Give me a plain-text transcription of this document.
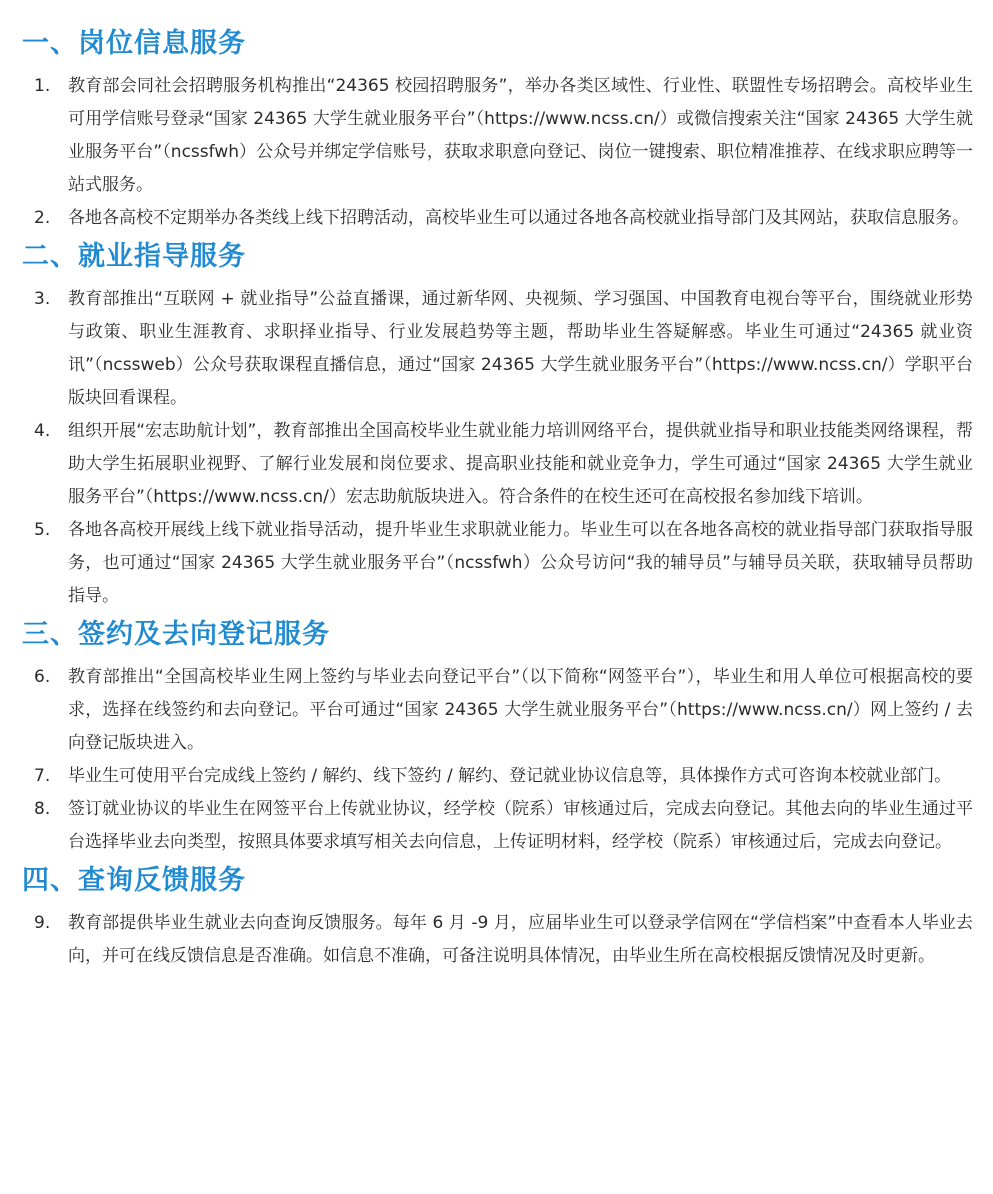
一、岗位信息服务
1.	教育部会同社会招聘服务机构推出“24365 校园招聘服务”，举办各类区域性、行业性、联盟性专场招聘会。高校毕业生可用学信账号登录“国家 24365 大学生就业服务平台”（https://www.ncss.cn/）或微信搜索关注“国家 24365 大学生就业服务平台”（ncssfwh）公众号并绑定学信账号，获取求职意向登记、岗位一键搜索、职位精准推荐、在线求职应聘等一站式服务。
2.	各地各高校不定期举办各类线上线下招聘活动，高校毕业生可以通过各地各高校就业指导部门及其网站，获取信息服务。
二、就业指导服务
3.	教育部推出“互联网 + 就业指导”公益直播课，通过新华网、央视频、学习强国、中国教育电视台等平台，围绕就业形势与政策、职业生涯教育、求职择业指导、行业发展趋势等主题，帮助毕业生答疑解惑。毕业生可通过“24365 就业资讯”（ncssweb）公众号获取课程直播信息，通过“国家 24365 大学生就业服务平台”（https://www.ncss.cn/）学职平台版块回看课程。
4.	组织开展“宏志助航计划”，教育部推出全国高校毕业生就业能力培训网络平台，提供就业指导和职业技能类网络课程，帮助大学生拓展职业视野、了解行业发展和岗位要求、提高职业技能和就业竞争力，学生可通过“国家 24365 大学生就业服务平台”（https://www.ncss.cn/）宏志助航版块进入。符合条件的在校生还可在高校报名参加线下培训。
5.	各地各高校开展线上线下就业指导活动，提升毕业生求职就业能力。毕业生可以在各地各高校的就业指导部门获取指导服务，也可通过“国家 24365 大学生就业服务平台”（ncssfwh）公众号访问“我的辅导员”与辅导员关联，获取辅导员帮助指导。
三、签约及去向登记服务
6.	教育部推出“全国高校毕业生网上签约与毕业去向登记平台”（以下简称“网签平台”），毕业生和用人单位可根据高校的要求，选择在线签约和去向登记。平台可通过“国家 24365 大学生就业服务平台”（https://www.ncss.cn/）网上签约 / 去向登记版块进入。
7.	毕业生可使用平台完成线上签约 / 解约、线下签约 / 解约、登记就业协议信息等，具体操作方式可咨询本校就业部门。
8.	签订就业协议的毕业生在网签平台上传就业协议，经学校（院系）审核通过后，完成去向登记。其他去向的毕业生通过平台选择毕业去向类型，按照具体要求填写相关去向信息，上传证明材料，经学校（院系）审核通过后，完成去向登记。
四、查询反馈服务
9.	教育部提供毕业生就业去向查询反馈服务。每年 6 月 -9 月，应届毕业生可以登录学信网在“学信档案”中查看本人毕业去向，并可在线反馈信息是否准确。如信息不准确，可备注说明具体情况，由毕业生所在高校根据反馈情况及时更新。
